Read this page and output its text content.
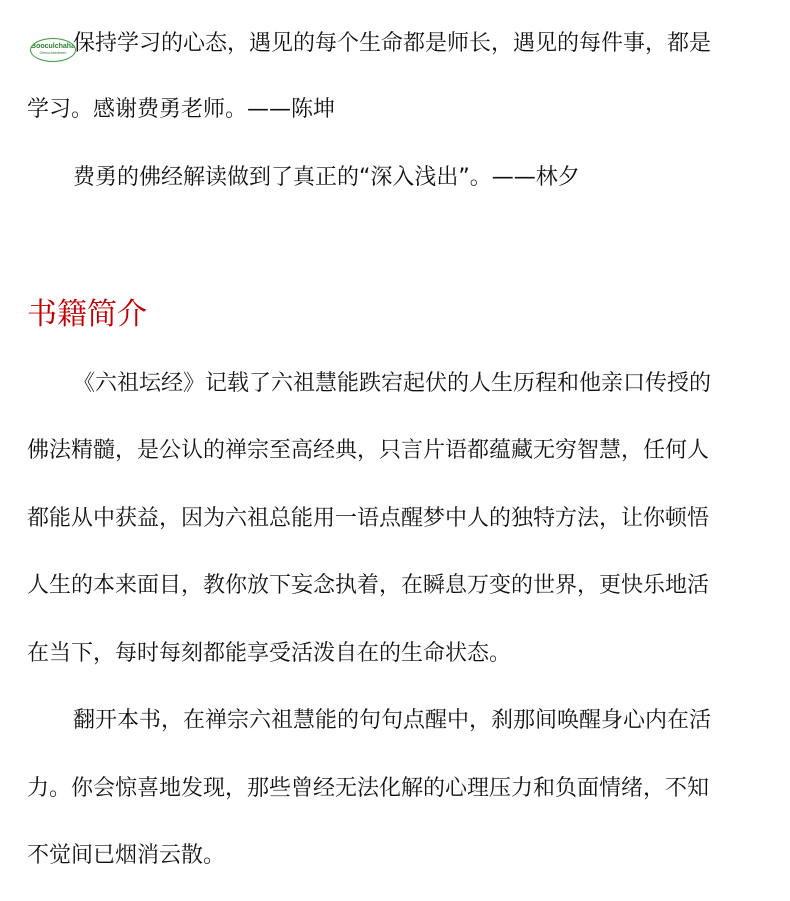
Booculchaha
Glrmuchbedeeen 保持学习的心态，遇见的每个生命都是师长，遇见的每件事，都是
学习。感谢费勇老师。——陈坤
费勇的佛经解读做到了真正的“深入浅出”。——林夕
书籍简介
《六祖坛经》记载了六祖慧能跌宕起伏的人生历程和他亲口传授的
佛法精髓，是公认的禅宗至高经典，只言片语都蕴藏无穷智慧，任何人
都能从中获益，因为六祖总能用一语点醒梦中人的独特方法，让你顿悟
人生的本来面目，教你放下妄念执着，在瞬息万变的世界，更快乐地活
在当下，每时每刻都能享受活泼自在的生命状态。
翻开本书，在禅宗六祖慧能的句句点醒中，刹那间唤醒身心内在活
力。你会惊喜地发现，那些曾经无法化解的心理压力和负面情绪，不知
不觉间已烟消云散。
